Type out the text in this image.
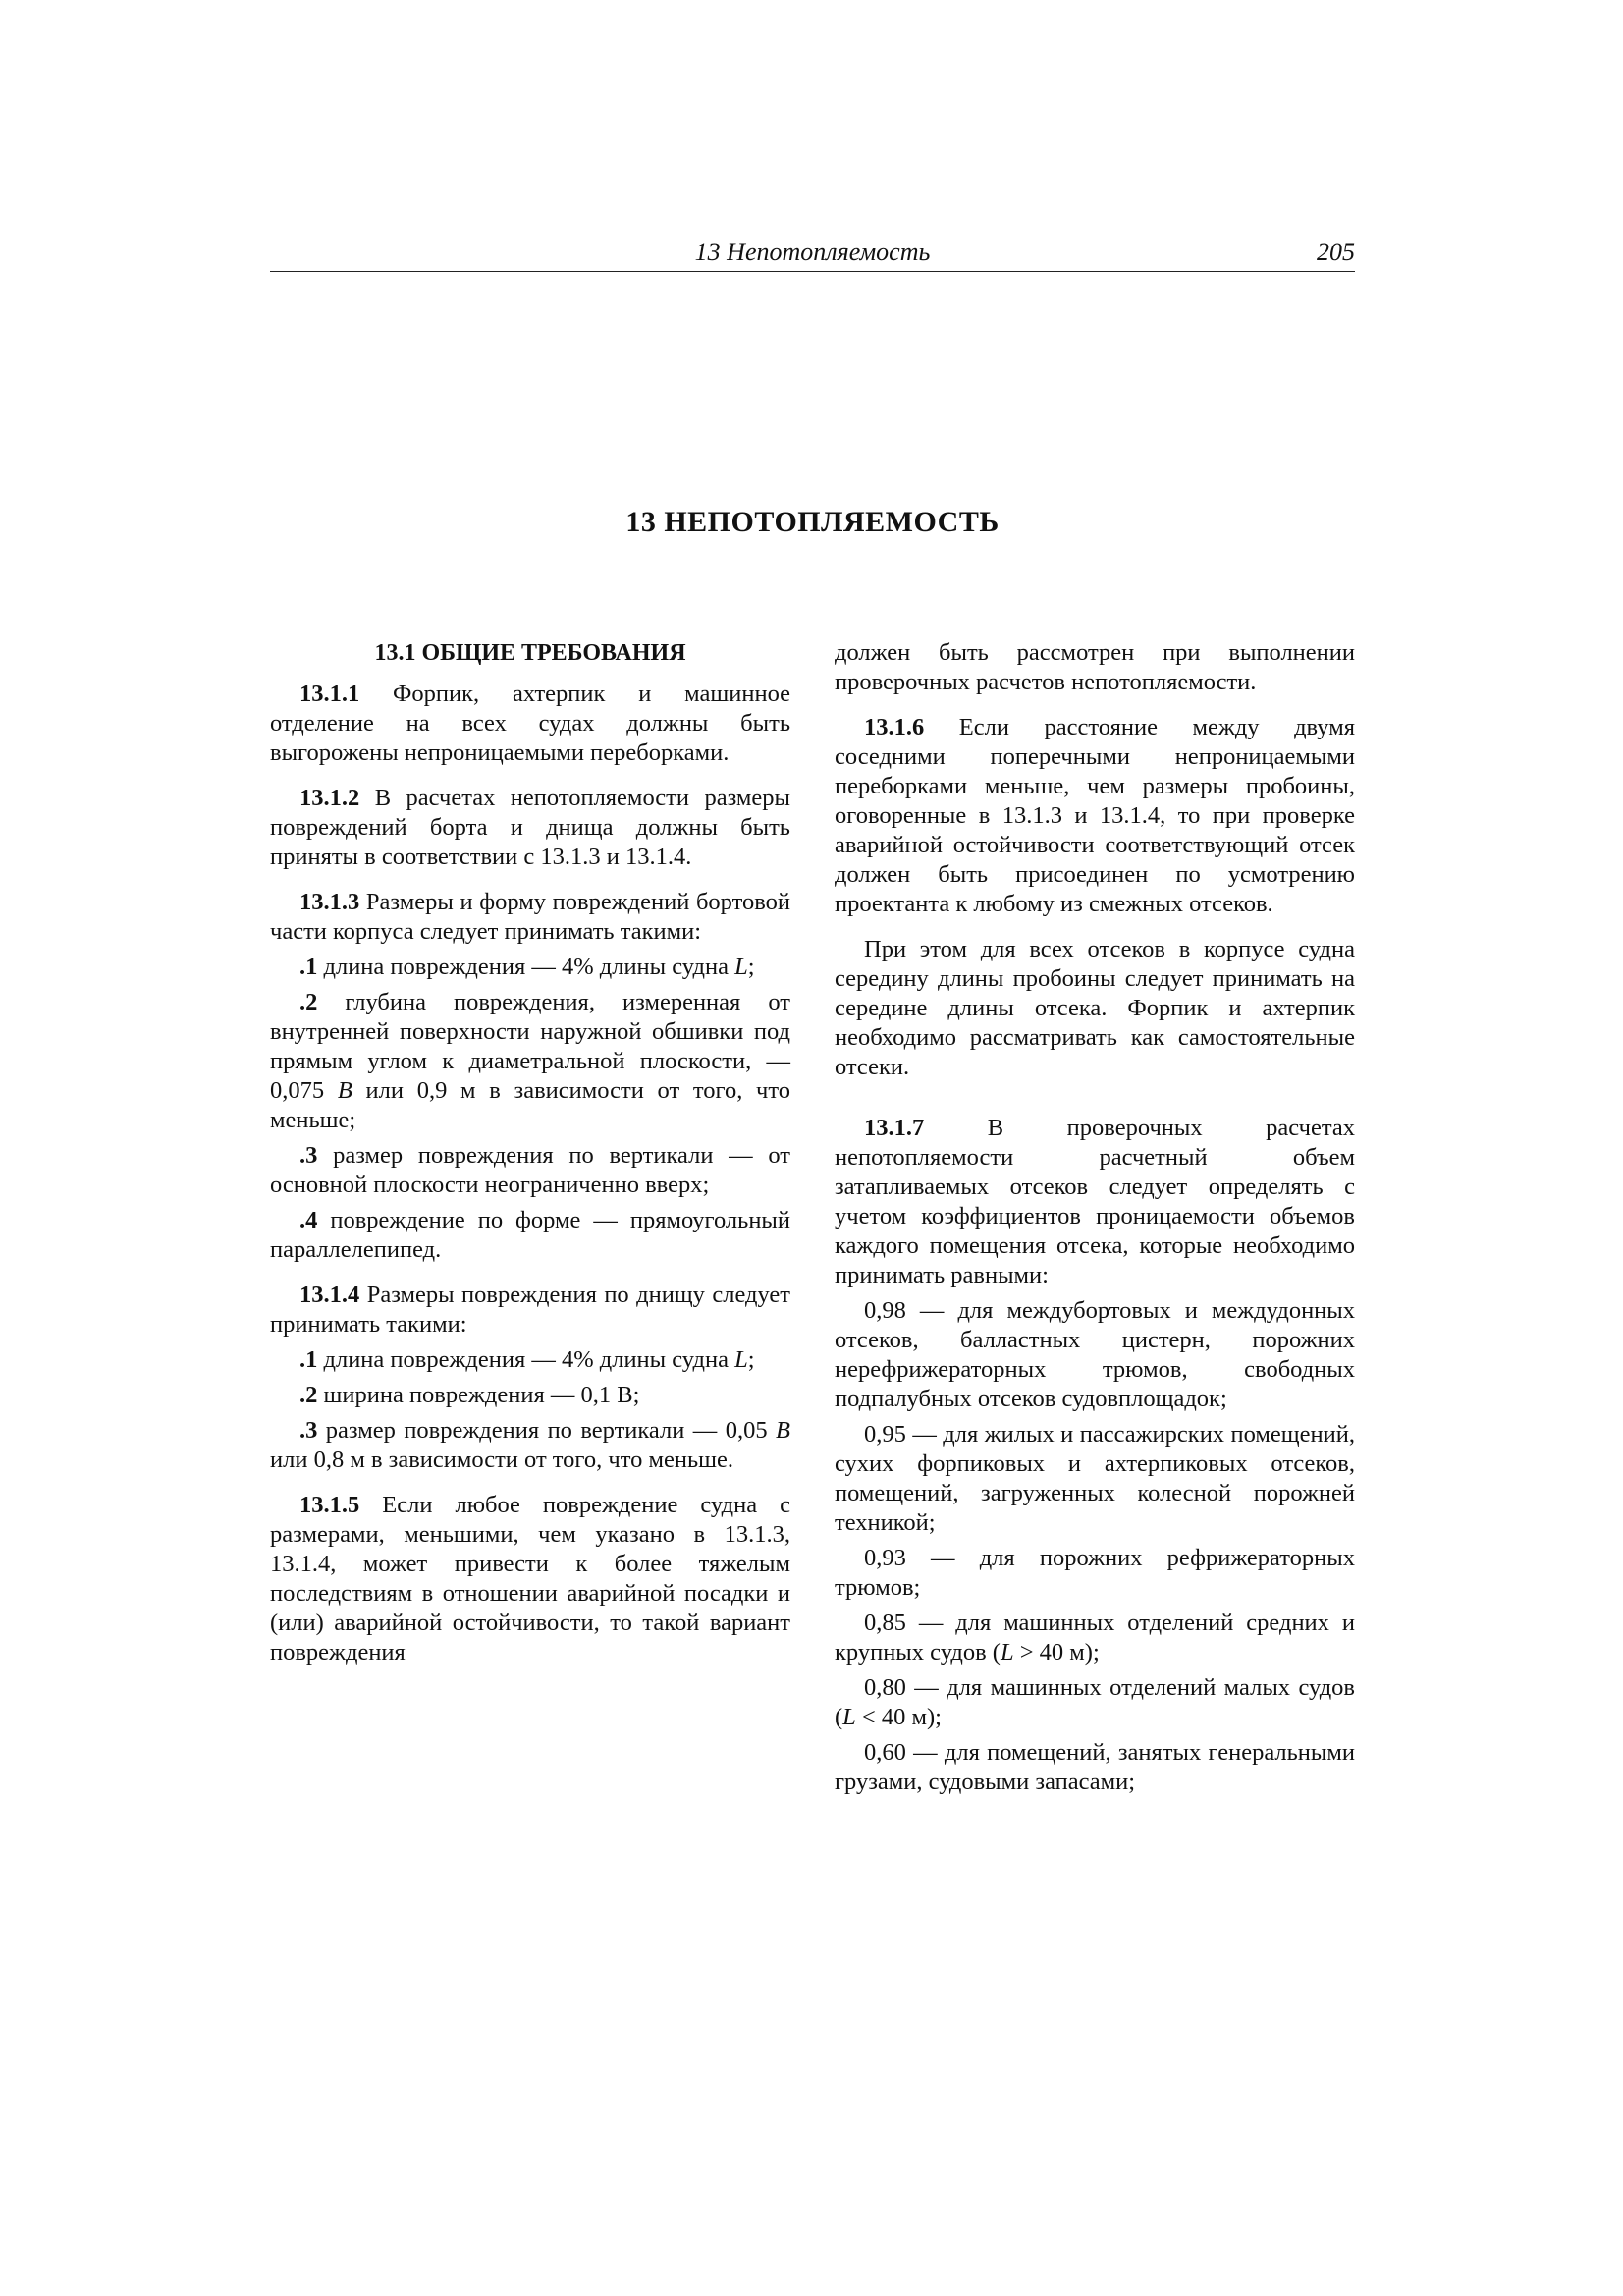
13 Непотопляемость	205
13 НЕПОТОПЛЯЕМОСТЬ
13.1 ОБЩИЕ ТРЕБОВАНИЯ

13.1.1 Форпик, ахтерпик и машинное отделение на всех судах должны быть выгорожены непроницаемыми переборками.

13.1.2 В расчетах непотопляемости размеры повреждений борта и днища должны быть приняты в соответствии с 13.1.3 и 13.1.4.

13.1.3 Размеры и форму повреждений бортовой части корпуса следует принимать такими:

.1 длина повреждения — 4% длины судна L;

.2 глубина повреждения, измеренная от внутренней поверхности наружной обшивки под прямым углом к диаметральной плоскости, — 0,075 B или 0,9 м в зависимости от того, что меньше;

.3 размер повреждения по вертикали — от основной плоскости неограниченно вверх;

.4 повреждение по форме — прямоугольный параллелепипед.

13.1.4 Размеры повреждения по днищу следует принимать такими:

.1 длина повреждения — 4% длины судна L;

.2 ширина повреждения — 0,1 В;

.3 размер повреждения по вертикали — 0,05 B или 0,8 м в зависимости от того, что меньше.

13.1.5 Если любое повреждение судна с размерами, меньшими, чем указано в 13.1.3, 13.1.4, может привести к более тяжелым последствиям в отношении аварийной посадки и (или) аварийной остойчивости, то такой вариант повреждения

должен быть рассмотрен при выполнении проверочных расчетов непотопляемости.

13.1.6 Если расстояние между двумя соседними поперечными непроницаемыми переборками меньше, чем размеры пробоины, оговоренные в 13.1.3 и 13.1.4, то при проверке аварийной остойчивости соответствующий отсек должен быть присоединен по усмотрению проектанта к любому из смежных отсеков.

При этом для всех отсеков в корпусе судна середину длины пробоины следует принимать на середине длины отсека. Форпик и ахтерпик необходимо рассматривать как самостоятельные отсеки.

13.1.7 В проверочных расчетах непотопляемости расчетный объем затапливаемых отсеков следует определять с учетом коэффициентов проницаемости объемов каждого помещения отсека, которые необходимо принимать равными:

0,98 — для междубортовых и междудонных отсеков, балластных цистерн, порожних нерефрижераторных трюмов, свободных подпалубных отсеков судовплощадок;

0,95 — для жилых и пассажирских помещений, сухих форпиковых и ахтерпиковых отсеков, помещений, загруженных колесной порожней техникой;

0,93 — для порожних рефрижераторных трюмов;

0,85 — для машинных отделений средних и крупных судов (L > 40 м);

0,80 — для машинных отделений малых судов (L < 40 м);

0,60 — для помещений, занятых генеральными грузами, судовыми запасами;
